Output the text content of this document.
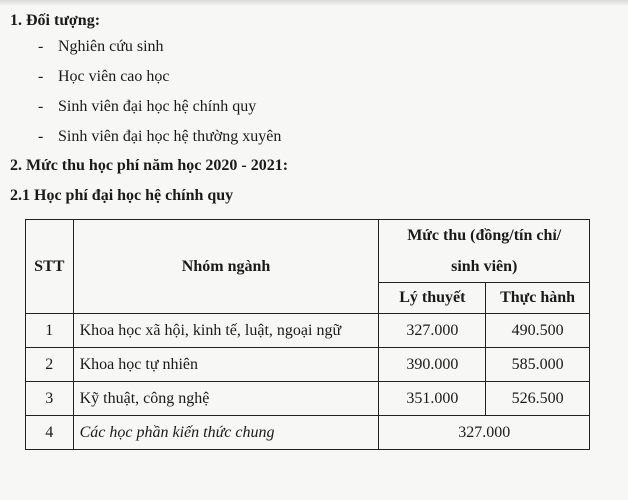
1. Đối tượng:
- Nghiên cứu sinh
- Học viên cao học
- Sinh viên đại học hệ chính quy
- Sinh viên đại học hệ thường xuyên
2. Mức thu học phí năm học 2020 - 2021:
2.1 Học phí đại học hệ chính quy
STT	Nhóm ngành	Mức thu (đồng/tín chỉ/
sinh viên)	

		Lý thuyết	Thực hành
1	Khoa học xã hội, kinh tế, luật, ngoại ngữ	327.000	490.500
2	Khoa học tự nhiên	390.000	585.000
3	Kỹ thuật, công nghệ	351.000	526.500
4	Các học phần kiến thức chung	327.000	
